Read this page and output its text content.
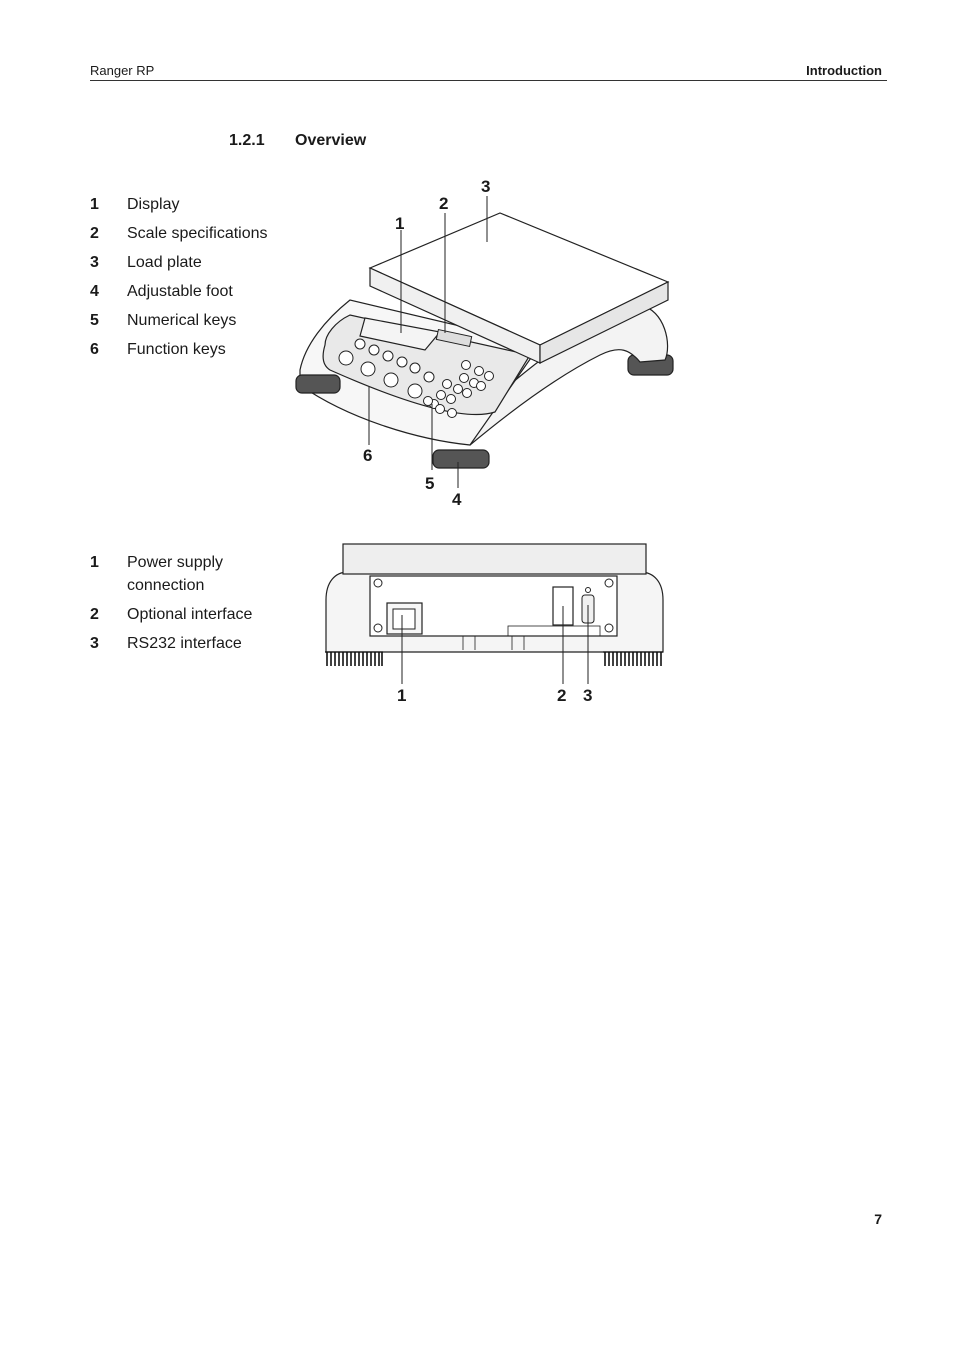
Ranger RP	Introduction
1.2.1 Overview
1 Display
2 Scale specifications
3 Load plate
4 Adjustable foot
5 Numerical keys
6 Function keys
1 Power supply connection
2 Optional interface
3 RS232 interface
1
2
3
4
5
6
1	2 3
7
